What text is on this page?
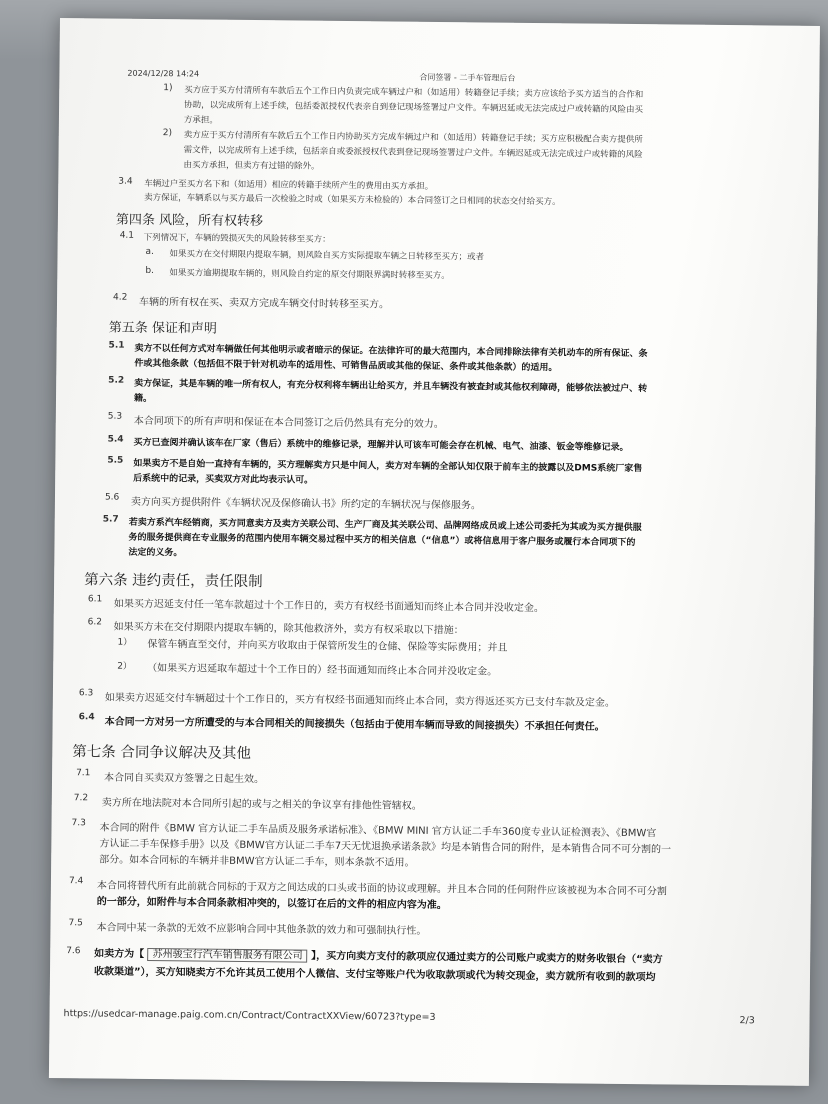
2024/12/28 14:24	合同签署 - 二手车管理后台
1) 买方应于买方付清所有车款后五个工作日内负责完成车辆过户和（如适用）转籍登记手续；卖方应该给予买方适当的合作和
协助，以完成所有上述手续，包括委派授权代表亲自到登记现场签署过户文件。车辆迟延或无法完成过户或转籍的风险由买
方承担。
2) 卖方应于买方付清所有车款后五个工作日内协助买方完成车辆过户和（如适用）转籍登记手续；买方应积极配合卖方提供所
需文件，以完成所有上述手续，包括亲自或委派授权代表到登记现场签署过户文件。车辆迟延或无法完成过户或转籍的风险
由买方承担，但卖方有过错的除外。
3.4 车辆过户至买方名下和（如适用）相应的转籍手续所产生的费用由买方承担。
卖方保证，车辆系以与买方最后一次检验之时或（如果买方未检验的）本合同签订之日相同的状态交付给买方。
第四条 风险，所有权转移
4.1 下列情况下，车辆的毁损灭失的风险转移至买方：
a. 如果买方在交付期限内提取车辆，则风险自买方实际提取车辆之日转移至买方；或者
b. 如果买方逾期提取车辆的，则风险自约定的原交付期限界满时转移至买方。
4.2 车辆的所有权在买、卖双方完成车辆交付时转移至买方。
第五条 保证和声明
5.1 卖方不以任何方式对车辆做任何其他明示或者暗示的保证。在法律许可的最大范围内，本合同排除法律有关机动车的所有保证、条
件或其他条款（包括但不限于针对机动车的适用性、可销售品质或其他的保证、条件或其他条款）的适用。
5.2 卖方保证，其是车辆的唯一所有权人，有充分权利将车辆出让给买方，并且车辆没有被查封或其他权利障碍，能够依法被过户、转
籍。
5.3 本合同项下的所有声明和保证在本合同签订之后仍然具有充分的效力。
5.4 买方已查阅并确认该车在厂家（售后）系统中的维修记录，理解并认可该车可能会存在机械、电气、油漆、钣金等维修记录。
5.5 如果卖方不是自始一直持有车辆的，买方理解卖方只是中间人，卖方对车辆的全部认知仅限于前车主的披露以及DMS系统厂家售
后系统中的记录，买卖双方对此均表示认可。
5.6 卖方向买方提供附件《车辆状况及保修确认书》所约定的车辆状况与保修服务。
5.7 若卖方系汽车经销商，买方同意卖方及卖方关联公司、生产厂商及其关联公司、品牌网络成员或上述公司委托为其或为买方提供服
务的服务提供商在专业服务的范围内使用车辆交易过程中买方的相关信息（“信息”）或将信息用于客户服务或履行本合同项下的
法定的义务。
第六条 违约责任，责任限制
6.1 如果买方迟延支付任一笔车款超过十个工作日的，卖方有权经书面通知而终止本合同并没收定金。
6.2 如果买方未在交付期限内提取车辆的，除其他救济外，卖方有权采取以下措施：
1） 保管车辆直至交付，并向买方收取由于保管所发生的仓储、保险等实际费用；并且
2） （如果买方迟延取车超过十个工作日的）经书面通知而终止本合同并没收定金。
6.3 如果卖方迟延交付车辆超过十个工作日的，买方有权经书面通知而终止本合同，卖方得返还买方已支付车款及定金。
6.4 本合同一方对另一方所遭受的与本合同相关的间接损失（包括由于使用车辆而导致的间接损失）不承担任何责任。
第七条 合同争议解决及其他
7.1 本合同自买卖双方签署之日起生效。
7.2 卖方所在地法院对本合同所引起的或与之相关的争议享有排他性管辖权。
7.3 本合同的附件《BMW 官方认证二手车品质及服务承诺标准》、《BMW MINI 官方认证二手车360度专业认证检测表》、《BMW官
方认证二手车保修手册》以及《BMW官方认证二手车7天无忧退换承诺条款》均是本销售合同的附件，是本销售合同不可分割的一
部分。如本合同标的车辆并非BMW官方认证二手车，则本条款不适用。
7.4 本合同将替代所有此前就合同标的于双方之间达成的口头或书面的协议或理解。并且本合同的任何附件应该被视为本合同不可分割
的一部分，如附件与本合同条款相冲突的，以签订在后的文件的相应内容为准。
7.5 本合同中某一条款的无效不应影响合同中其他条款的效力和可强制执行性。
7.6 如卖方为【 苏州骏宝行汽车销售服务有限公司 】，买方向卖方支付的款项应仅通过卖方的公司账户或卖方的财务收银台（“卖方
收款渠道”），买方知晓卖方不允许其员工使用个人微信、支付宝等账户代为收取款项或代为转交现金，卖方就所有收到的款项均
https://usedcar-manage.paig.com.cn/Contract/ContractXXView/60723?type=3	2/3
